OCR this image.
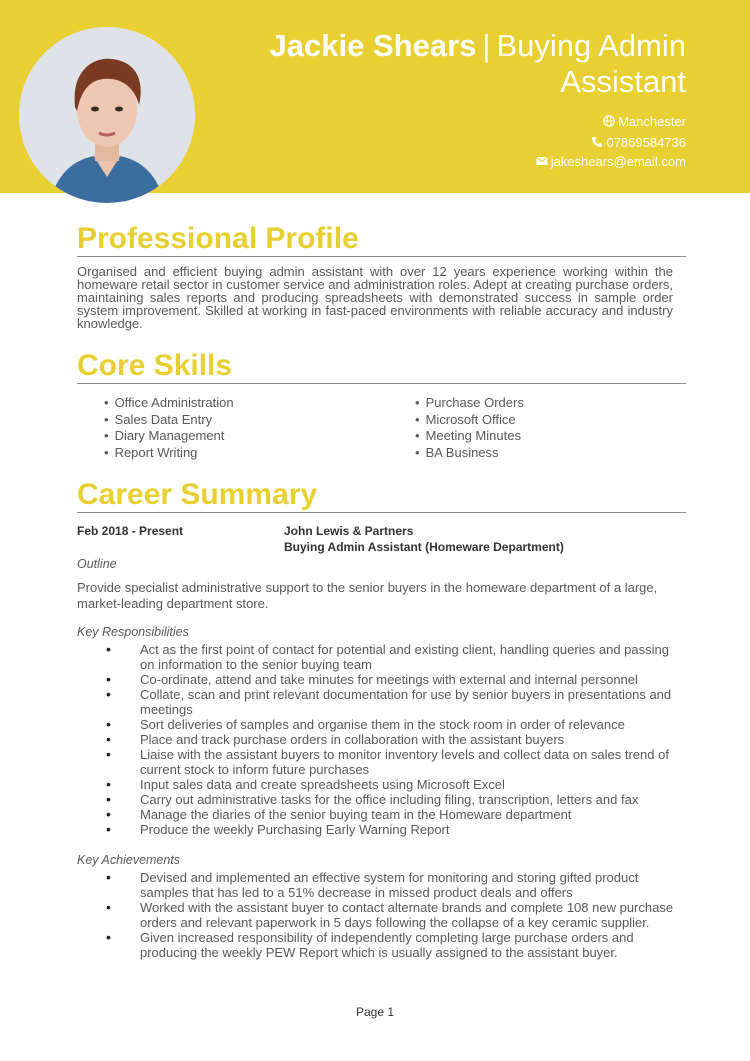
Jackie Shears | Buying Admin Assistant
Manchester
07869584736
jakeshears@email.com
Professional Profile

Organised and efficient buying admin assistant with over 12 years experience working within the homeware retail sector in customer service and administration roles. Adept at creating purchase orders, maintaining sales reports and producing spreadsheets with demonstrated success in sample order system improvement. Skilled at working in fast-paced environments with reliable accuracy and industry knowledge.

Core Skills
• Office Administration
• Sales Data Entry
• Diary Management
• Report Writing
• Purchase Orders
• Microsoft Office
• Meeting Minutes
• BA Business
Career Summary
Feb 2018 - Present	John Lewis & Partners
Buying Admin Assistant (Homeware Department)
Outline

Provide specialist administrative support to the senior buyers in the homeware department of a large, market-leading department store.

Key Responsibilities
• Act as the first point of contact for potential and existing client, handling queries and passing on information to the senior buying team
• Co-ordinate, attend and take minutes for meetings with external and internal personnel
• Collate, scan and print relevant documentation for use by senior buyers in presentations and meetings
• Sort deliveries of samples and organise them in the stock room in order of relevance
• Place and track purchase orders in collaboration with the assistant buyers
• Liaise with the assistant buyers to monitor inventory levels and collect data on sales trend of current stock to inform future purchases
• Input sales data and create spreadsheets using Microsoft Excel
• Carry out administrative tasks for the office including filing, transcription, letters and fax
• Manage the diaries of the senior buying team in the Homeware department
• Produce the weekly Purchasing Early Warning Report
Key Achievements
• Devised and implemented an effective system for monitoring and storing gifted product samples that has led to a 51% decrease in missed product deals and offers
• Worked with the assistant buyer to contact alternate brands and complete 108 new purchase orders and relevant paperwork in 5 days following the collapse of a key ceramic supplier.
• Given increased responsibility of independently completing large purchase orders and producing the weekly PEW Report which is usually assigned to the assistant buyer.
Page 1
